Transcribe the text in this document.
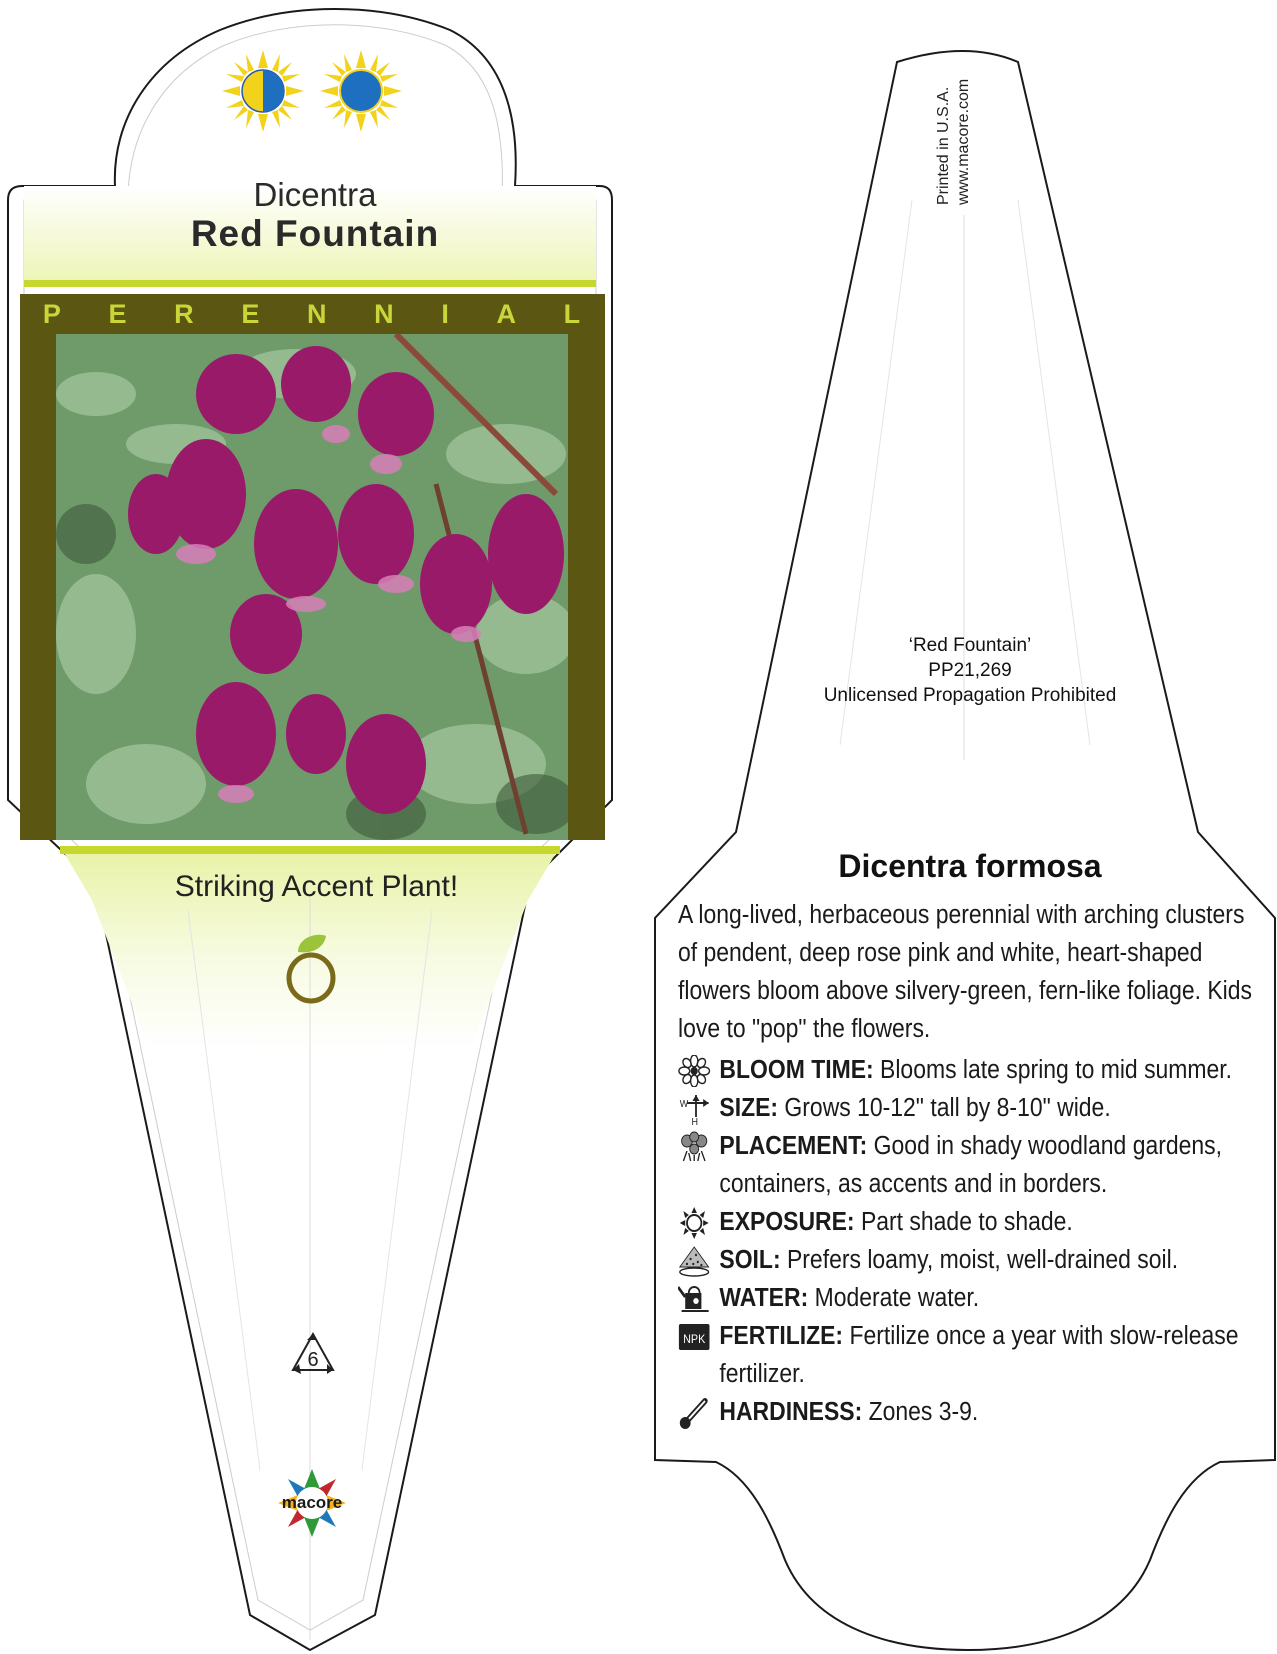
Dicentra
Red Fountain
P E R E N N I A L
Striking Accent Plant!
6
macore
Printed in U.S.A. www.macore.com
‘Red Fountain’
PP21,269
Unlicensed Propagation Prohibited
Dicentra formosa
A long-lived, herbaceous perennial with arching clusters of pendent, deep rose pink and white, heart-shaped flowers bloom above silvery-green, fern-like foliage. Kids love to "pop" the flowers.
BLOOM TIME: Blooms late spring to mid summer.
W
H
SIZE: Grows 10-12" tall by 8-10" wide.
PLACEMENT: Good in shady woodland gardens, containers, as accents and in borders.
EXPOSURE: Part shade to shade.
SOIL: Prefers loamy, moist, well-drained soil.
WATER: Moderate water.
NPK FERTILIZE: Fertilize once a year with slow-release fertilizer.
HARDINESS: Zones 3-9.
